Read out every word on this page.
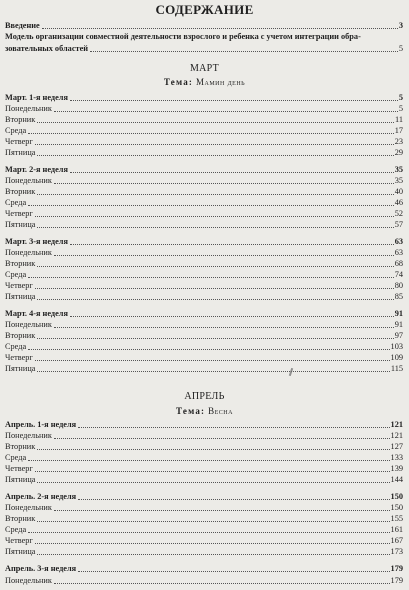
СОДЕРЖАНИЕ
Введение	3
Модель организации совместной деятельности взрослого и ребенка с учетом интеграции обра-
зовательных областей	5
МАРТ
Тема: Мамин день
Март. 1-я неделя	5
Понедельник	5
Вторник	11
Среда	17
Четверг	23
Пятница	29
Март. 2-я неделя	35
Понедельник	35
Вторник	40
Среда	46
Четверг	52
Пятница	57
Март. 3-я неделя	63
Понедельник	63
Вторник	68
Среда	74
Четверг	80
Пятница	85
Март. 4-я неделя	91
Понедельник	91
Вторник	97
Среда	103
Четверг	109
Пятница	115
АПРЕЛЬ
Тема: Весна
Апрель. 1-я неделя	121
Понедельник	121
Вторник	127
Среда	133
Четверг	139
Пятница	144
Апрель. 2-я неделя	150
Понедельник	150
Вторник	155
Среда	161
Четверг	167
Пятница	173
Апрель. 3-я неделя	179
Понедельник	179
